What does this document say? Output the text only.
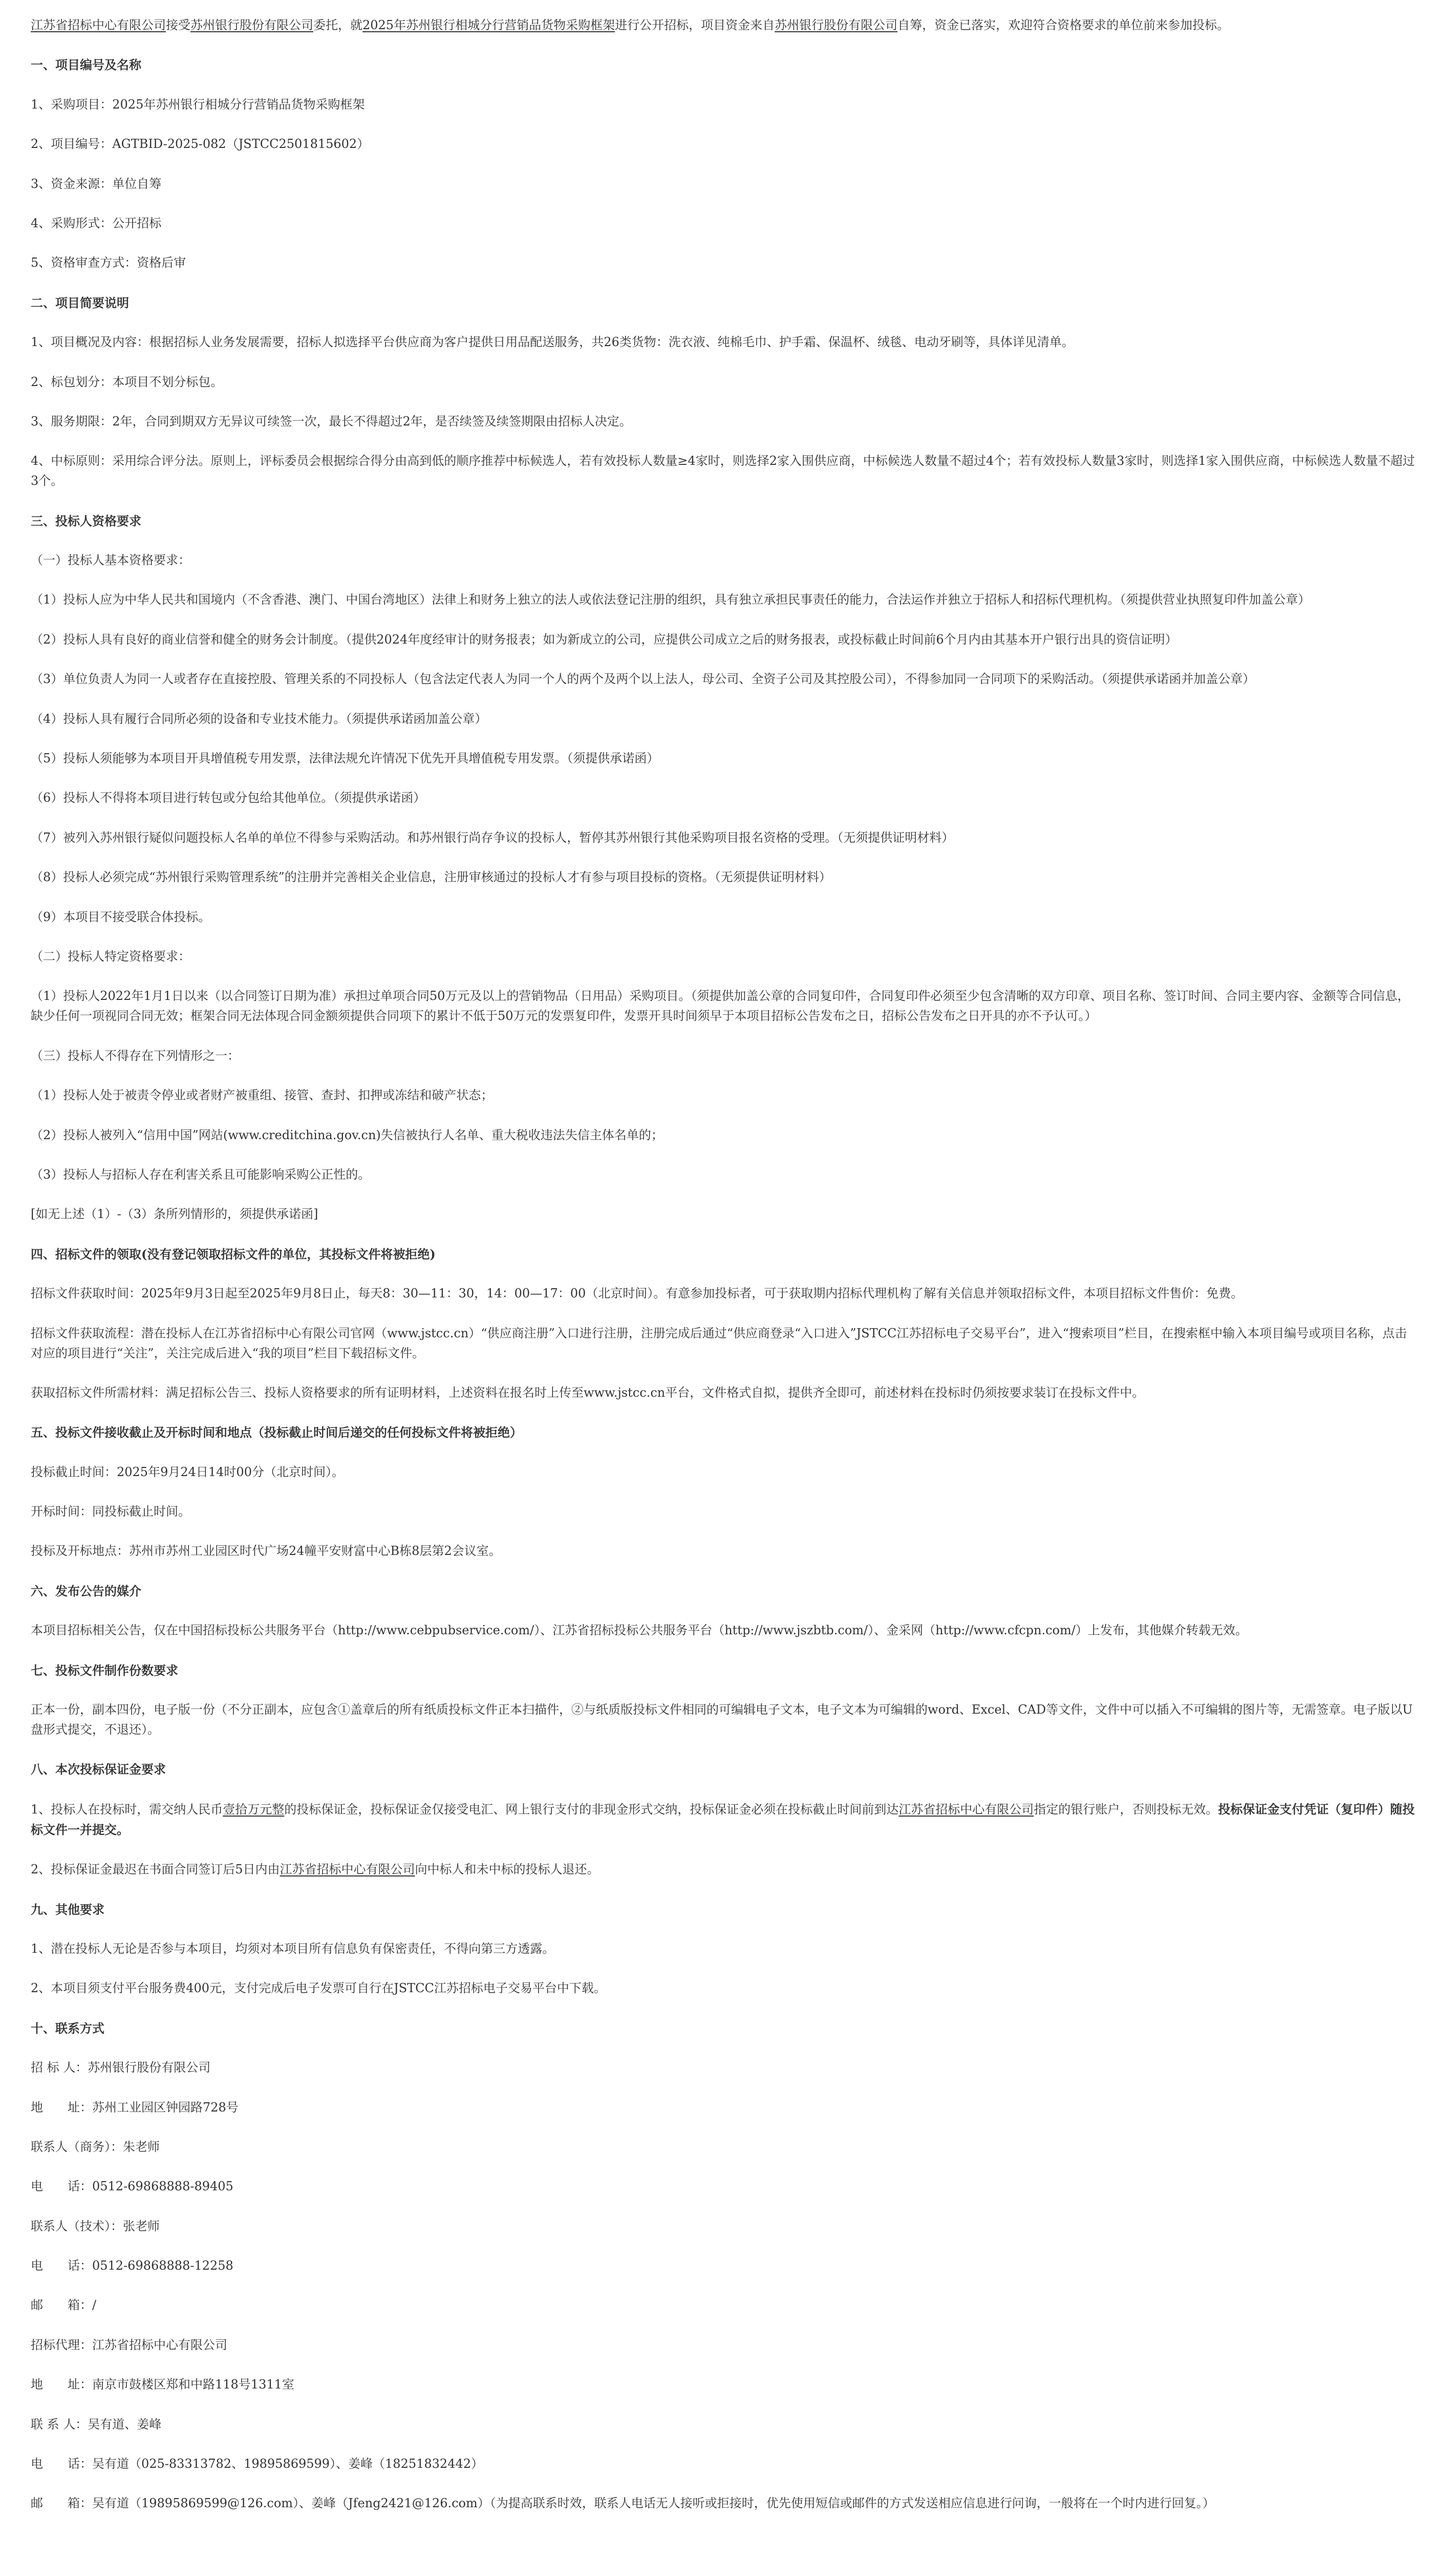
江苏省招标中心有限公司接受苏州银行股份有限公司委托，就2025年苏州银行相城分行营销品货物采购框架进行公开招标，项目资金来自苏州银行股份有限公司自筹，资金已落实，欢迎符合资格要求的单位前来参加投标。
一、项目编号及名称
1、采购项目：2025年苏州银行相城分行营销品货物采购框架
2、项目编号：AGTBID-2025-082（JSTCC2501815602）
3、资金来源：单位自筹
4、采购形式：公开招标
5、资格审查方式：资格后审
二、项目简要说明
1、项目概况及内容：根据招标人业务发展需要，招标人拟选择平台供应商为客户提供日用品配送服务，共26类货物：洗衣液、纯棉毛巾、护手霜、保温杯、绒毯、电动牙刷等，具体详见清单。
2、标包划分：本项目不划分标包。
3、服务期限：2年，合同到期双方无异议可续签一次，最长不得超过2年，是否续签及续签期限由招标人决定。
4、中标原则：采用综合评分法。原则上，评标委员会根据综合得分由高到低的顺序推荐中标候选人，若有效投标人数量≥4家时，则选择2家入围供应商，中标候选人数量不超过4个；若有效投标人数量3家时，则选择1家入围供应商，中标候选人数量不超过3个。
三、投标人资格要求
（一）投标人基本资格要求：
（1）投标人应为中华人民共和国境内（不含香港、澳门、中国台湾地区）法律上和财务上独立的法人或依法登记注册的组织，具有独立承担民事责任的能力，合法运作并独立于招标人和招标代理机构。（须提供营业执照复印件加盖公章）
（2）投标人具有良好的商业信誉和健全的财务会计制度。（提供2024年度经审计的财务报表；如为新成立的公司，应提供公司成立之后的财务报表，或投标截止时间前6个月内由其基本开户银行出具的资信证明）
（3）单位负责人为同一人或者存在直接控股、管理关系的不同投标人（包含法定代表人为同一个人的两个及两个以上法人，母公司、全资子公司及其控股公司），不得参加同一合同项下的采购活动。（须提供承诺函并加盖公章）
（4）投标人具有履行合同所必须的设备和专业技术能力。（须提供承诺函加盖公章）
（5）投标人须能够为本项目开具增值税专用发票，法律法规允许情况下优先开具增值税专用发票。（须提供承诺函）
（6）投标人不得将本项目进行转包或分包给其他单位。（须提供承诺函）
（7）被列入苏州银行疑似问题投标人名单的单位不得参与采购活动。和苏州银行尚存争议的投标人，暂停其苏州银行其他采购项目报名资格的受理。（无须提供证明材料）
（8）投标人必须完成“苏州银行采购管理系统”的注册并完善相关企业信息，注册审核通过的投标人才有参与项目投标的资格。（无须提供证明材料）
（9）本项目不接受联合体投标。
（二）投标人特定资格要求：
（1）投标人2022年1月1日以来（以合同签订日期为准）承担过单项合同50万元及以上的营销物品（日用品）采购项目。（须提供加盖公章的合同复印件，合同复印件必须至少包含清晰的双方印章、项目名称、签订时间、合同主要内容、金额等合同信息，缺少任何一项视同合同无效；框架合同无法体现合同金额须提供合同项下的累计不低于50万元的发票复印件，发票开具时间须早于本项目招标公告发布之日，招标公告发布之日开具的亦不予认可。）
（三）投标人不得存在下列情形之一：
（1）投标人处于被责令停业或者财产被重组、接管、查封、扣押或冻结和破产状态；
（2）投标人被列入“信用中国”网站(www.creditchina.gov.cn)失信被执行人名单、重大税收违法失信主体名单的；
（3）投标人与招标人存在利害关系且可能影响采购公正性的。
[如无上述（1）-（3）条所列情形的，须提供承诺函]
四、招标文件的领取(没有登记领取招标文件的单位，其投标文件将被拒绝)
招标文件获取时间：2025年9月3日起至2025年9月8日止，每天8：30—11：30，14：00—17：00（北京时间）。有意参加投标者，可于获取期内招标代理机构了解有关信息并领取招标文件，本项目招标文件售价：免费。
招标文件获取流程：潜在投标人在江苏省招标中心有限公司官网（www.jstcc.cn）“供应商注册”入口进行注册，注册完成后通过“供应商登录“入口进入”JSTCC江苏招标电子交易平台”，进入“搜索项目”栏目，在搜索框中输入本项目编号或项目名称，点击对应的项目进行“关注”，关注完成后进入“我的项目”栏目下载招标文件。
获取招标文件所需材料：满足招标公告三、投标人资格要求的所有证明材料，上述资料在报名时上传至www.jstcc.cn平台，文件格式自拟，提供齐全即可，前述材料在投标时仍须按要求装订在投标文件中。
五、投标文件接收截止及开标时间和地点（投标截止时间后递交的任何投标文件将被拒绝）
投标截止时间：2025年9月24日14时00分（北京时间）。
开标时间：同投标截止时间。
投标及开标地点：苏州市苏州工业园区时代广场24幢平安财富中心B栋8层第2会议室。
六、发布公告的媒介
本项目招标相关公告，仅在中国招标投标公共服务平台（http://www.cebpubservice.com/）、江苏省招标投标公共服务平台（http://www.jszbtb.com/）、金采网（http://www.cfcpn.com/）上发布，其他媒介转载无效。
七、投标文件制作份数要求
正本一份，副本四份，电子版一份（不分正副本，应包含①盖章后的所有纸质投标文件正本扫描件，②与纸质版投标文件相同的可编辑电子文本，电子文本为可编辑的word、Excel、CAD等文件，文件中可以插入不可编辑的图片等，无需签章。电子版以U盘形式提交，不退还）。
八、本次投标保证金要求
1、投标人在投标时，需交纳人民币壹拾万元整的投标保证金，投标保证金仅接受电汇、网上银行支付的非现金形式交纳，投标保证金必须在投标截止时间前到达江苏省招标中心有限公司指定的银行账户，否则投标无效。投标保证金支付凭证（复印件）随投标文件一并提交。
2、投标保证金最迟在书面合同签订后5日内由江苏省招标中心有限公司向中标人和未中标的投标人退还。
九、其他要求
1、潜在投标人无论是否参与本项目，均须对本项目所有信息负有保密责任，不得向第三方透露。
2、本项目须支付平台服务费400元，支付完成后电子发票可自行在JSTCC江苏招标电子交易平台中下载。
十、联系方式
招 标 人：苏州银行股份有限公司
地　　址：苏州工业园区钟园路728号
联系人（商务）：朱老师
电　　话：0512-69868888-89405
联系人（技术）：张老师
电　　话：0512-69868888-12258
邮　　箱：/
招标代理：江苏省招标中心有限公司
地　　址：南京市鼓楼区郑和中路118号1311室
联 系 人：吴有道、姜峰
电　　话：吴有道（025-83313782、19895869599）、姜峰（18251832442）
邮　　箱：吴有道（19895869599@126.com）、姜峰（Jfeng2421@126.com）（为提高联系时效，联系人电话无人接听或拒接时，优先使用短信或邮件的方式发送相应信息进行问询，一般将在一个时内进行回复。）
